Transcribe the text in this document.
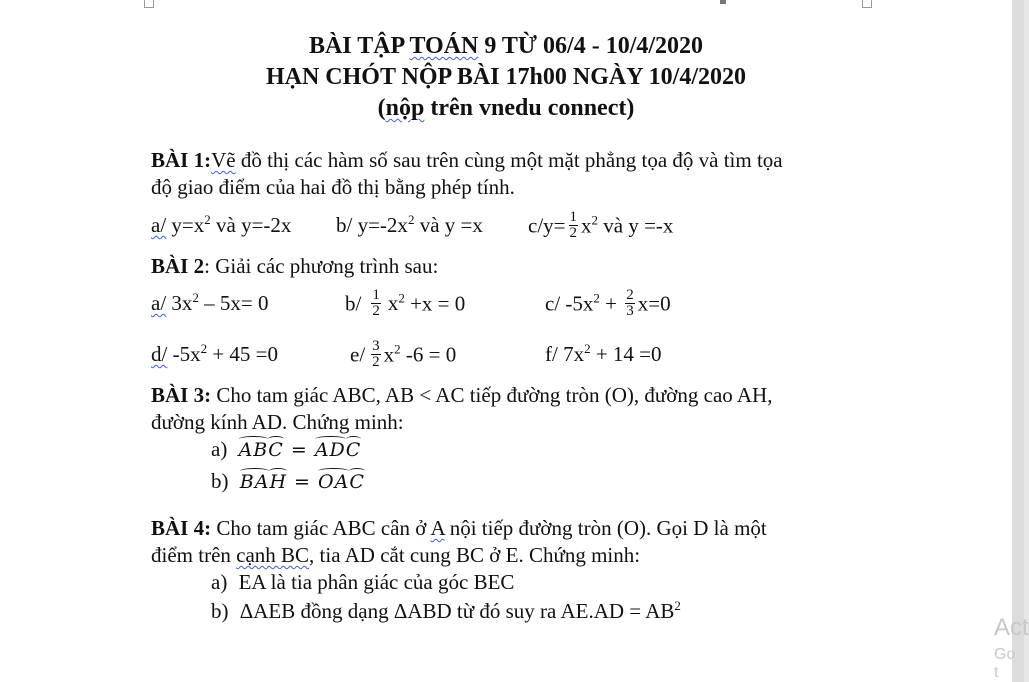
BÀI TẬP TOÁN 9 TỪ 06/4 - 10/4/2020
HẠN CHÓT NỘP BÀI 17h00 NGÀY 10/4/2020
(nộp trên vnedu connect)
BÀI 1:Vẽ đồ thị các hàm số sau trên cùng một mặt phẳng tọa độ và tìm tọa
độ giao điểm của hai đồ thị bằng phép tính.
a/ $y=x^2$ và y=-2x b/ $y=-2x^2$ và y =x $c/y= \frac{1}{2} x^2$ và y =-x
BÀI 2: Giải các phương trình sau:
a/ $3x^2 - 5x= 0$	$b/ \frac{1}{2} x^2 +x = 0$	c/ $-5x^2 + \frac{2}{3} x=0$
d/ $-5x^2 + 45 =0$	$e/ \frac{3}{2} x^2$ -6 = 0	f/ $7x^2 + 14 =0$
BÀI 3: Cho tam giác ABC, AB < AC tiếp đường tròn (O), đường cao AH,
đường kính AD. Chứng minh:
a) ABC = ADC
b) BAH = OAC
BÀI 4: Cho tam giác ABC cân ở A nội tiếp đường tròn (O). Gọi D là một
điểm trên cạnh BC, tia AD cắt cung BC ở E. Chứng minh:
a) EA là tia phân giác của góc BEC
b) ΔAEB đồng dạng ΔABD từ đó suy ra $AE.AD = AB^2$
Act
Go t
